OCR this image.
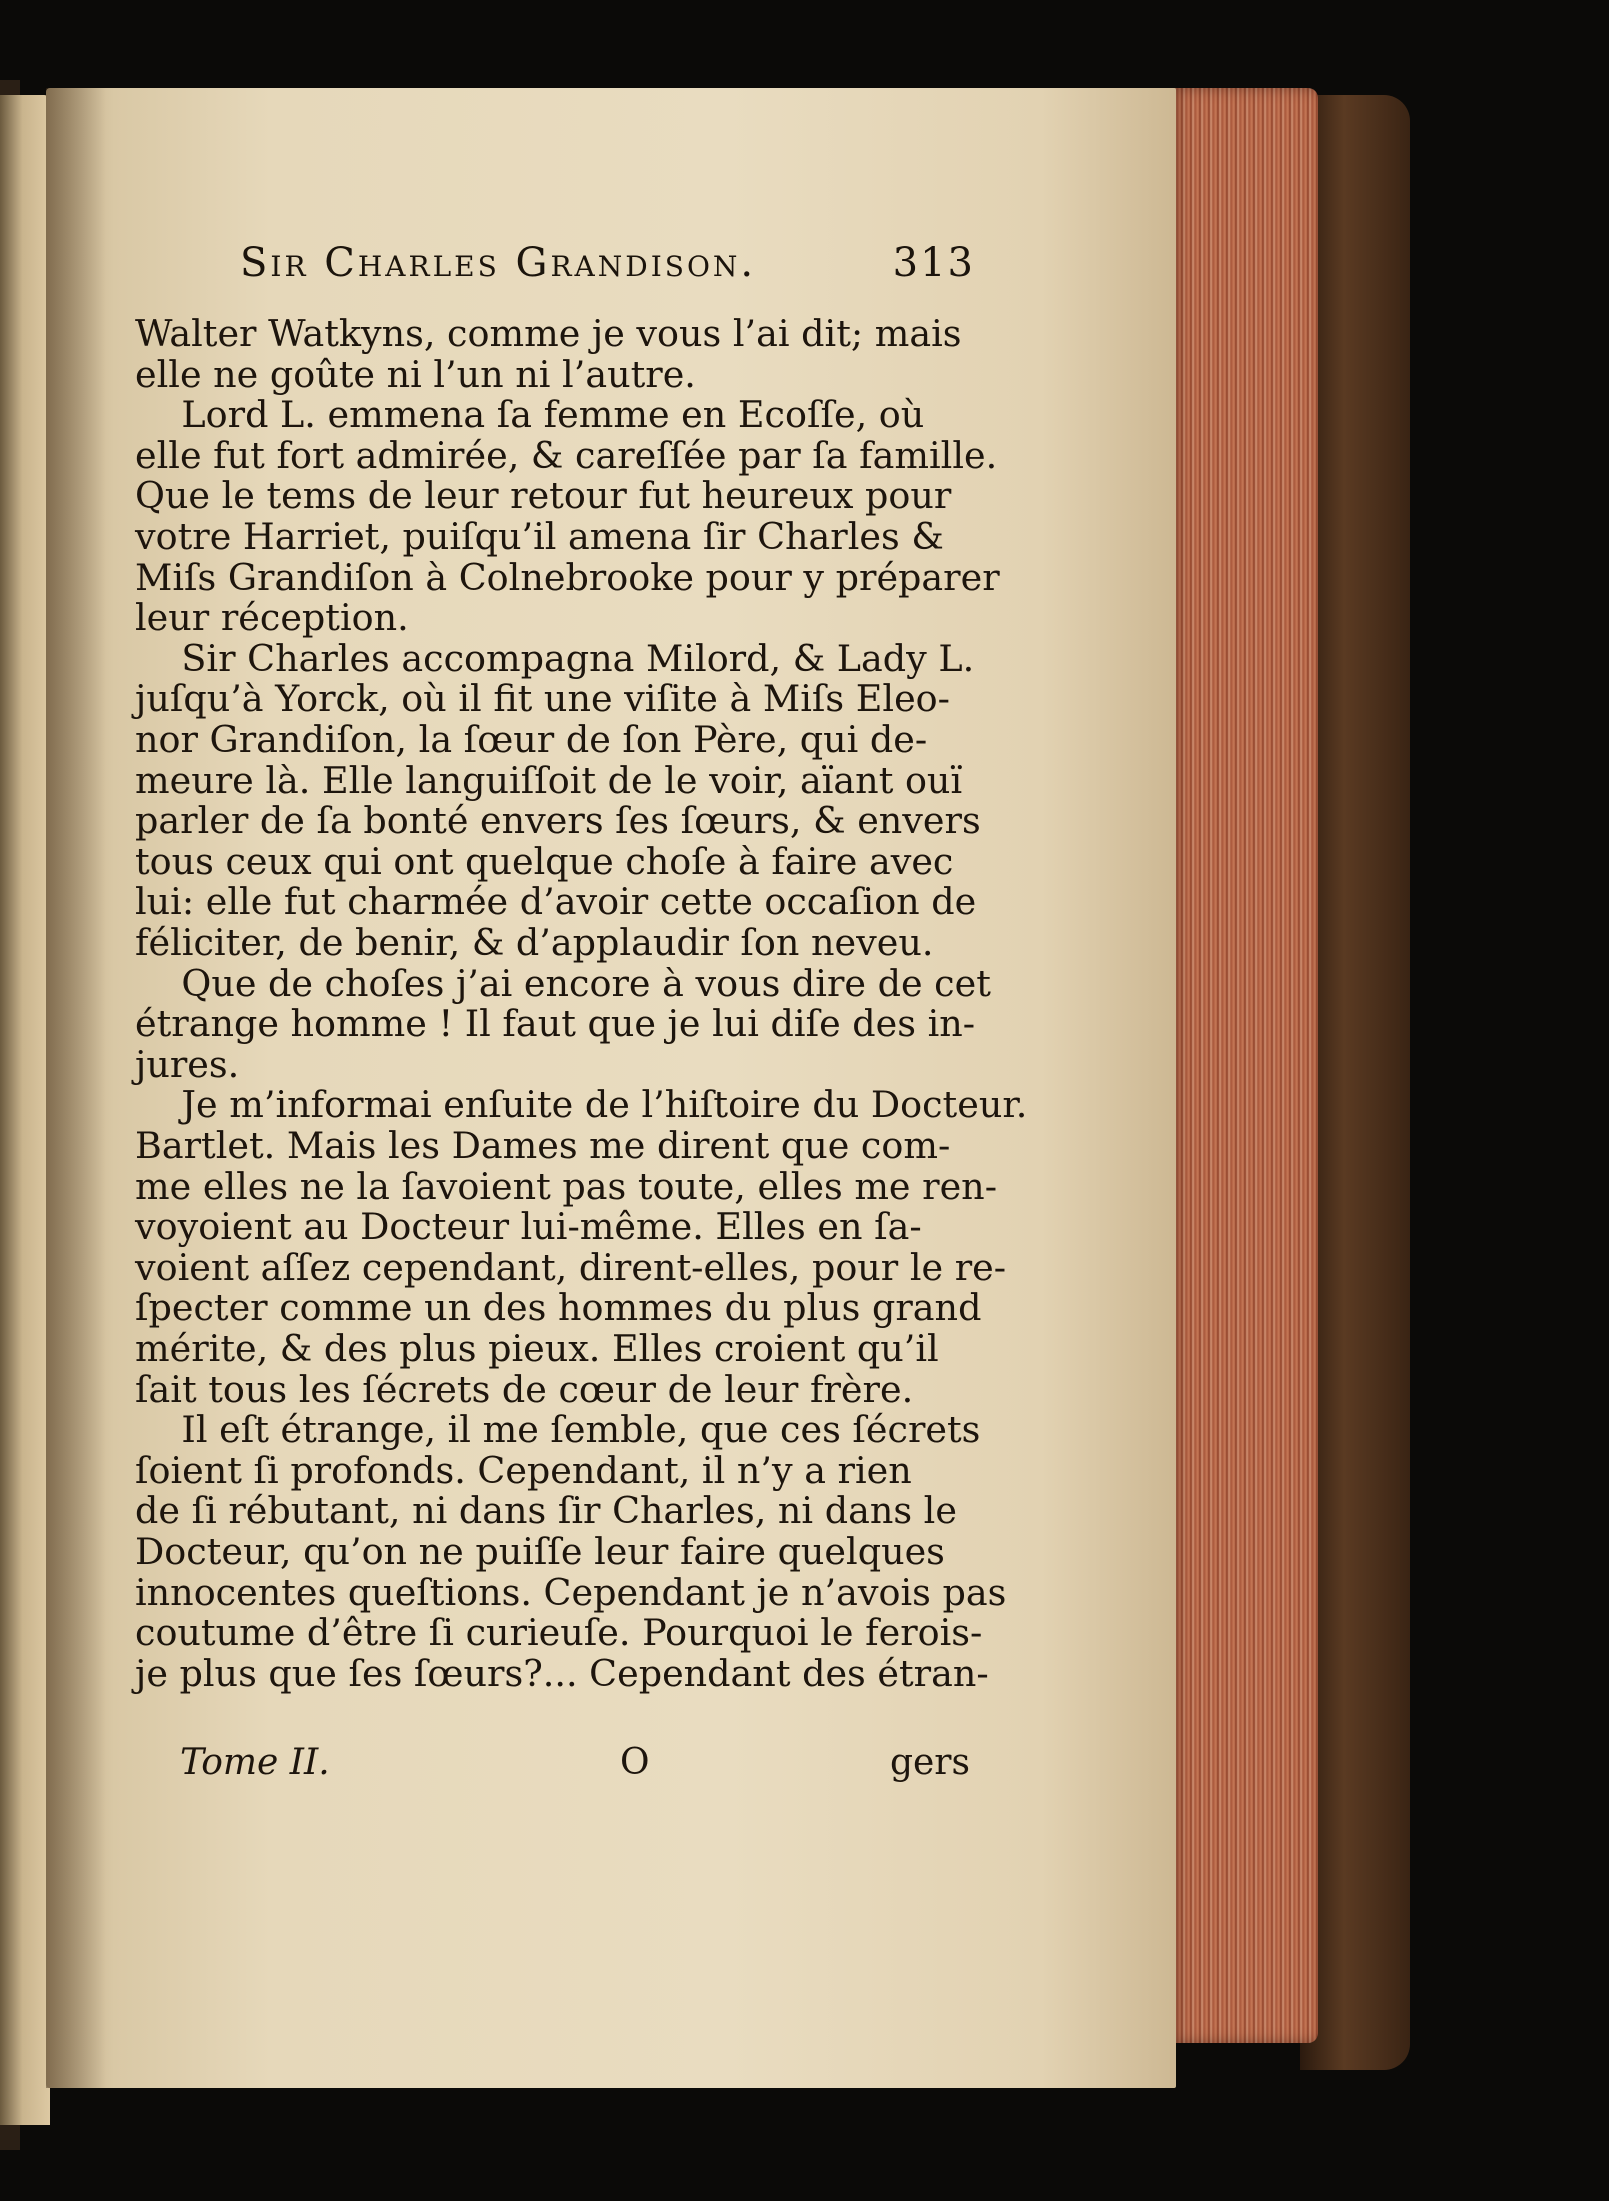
Sir Charles Grandison.	313
Walter Watkyns, comme je vous l’ai dit; mais
elle ne goûte ni l’un ni l’autre.
Lord L. emmena ſa femme en Ecoſſe, où
elle fut fort admirée, & careſſée par ſa famille.
Que le tems de leur retour fut heureux pour
votre Harriet, puiſqu’il amena ſir Charles &
Miſs Grandiſon à Colnebrooke pour y préparer
leur réception.
Sir Charles accompagna Milord, & Lady L.
juſqu’à Yorck, où il fit une viſite à Miſs Eleo-
nor Grandiſon, la ſœur de ſon Père, qui de-
meure là. Elle languiſſoit de le voir, aïant ouï
parler de ſa bonté envers ſes ſœurs, & envers
tous ceux qui ont quelque choſe à faire avec
lui: elle fut charmée d’avoir cette occaſion de
féliciter, de benir, & d’applaudir ſon neveu.
Que de choſes j’ai encore à vous dire de cet
étrange homme ! Il faut que je lui diſe des in-
jures.
Je m’informai enſuite de l’hiſtoire du Docteur.
Bartlet. Mais les Dames me dirent que com-
me elles ne la ſavoient pas toute, elles me ren-
voyoient au Docteur lui-même. Elles en ſa-
voient aſſez cependant, dirent-elles, pour le re-
ſpecter comme un des hommes du plus grand
mérite, & des plus pieux. Elles croient qu’il
ſait tous les ſécrets de cœur de leur frère.
Il eſt étrange, il me ſemble, que ces ſécrets
ſoient ſi profonds. Cependant, il n’y a rien
de ſi rébutant, ni dans ſir Charles, ni dans le
Docteur, qu’on ne puiſſe leur faire quelques
innocentes queſtions. Cependant je n’avois pas
coutume d’être ſi curieuſe. Pourquoi le ferois-
je plus que ſes ſœurs?... Cependant des étran-
Tome II.	O	gers
